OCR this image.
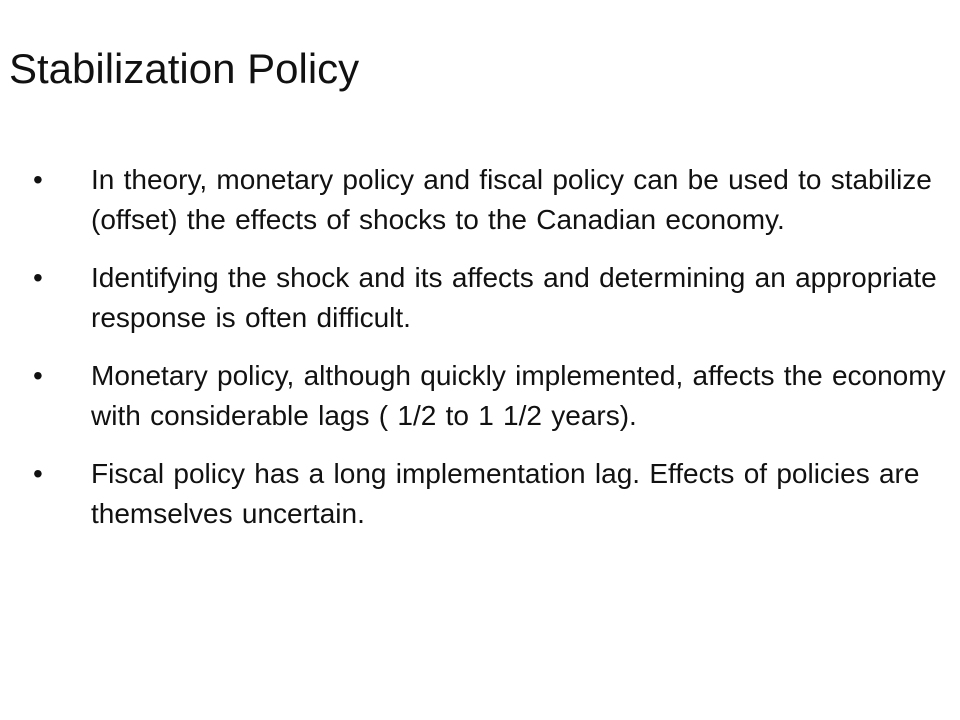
Stabilization Policy
•	In theory, monetary policy and fiscal policy can be used to stabilize (offset) the effects of shocks to the Canadian economy.
•	Identifying the shock and its affects and determining an appropriate response is often difficult.
•	Monetary policy, although quickly implemented, affects the economy with considerable lags ( 1/2 to 1 1/2 years).
•	Fiscal policy has a long implementation lag. Effects of policies are themselves uncertain.
